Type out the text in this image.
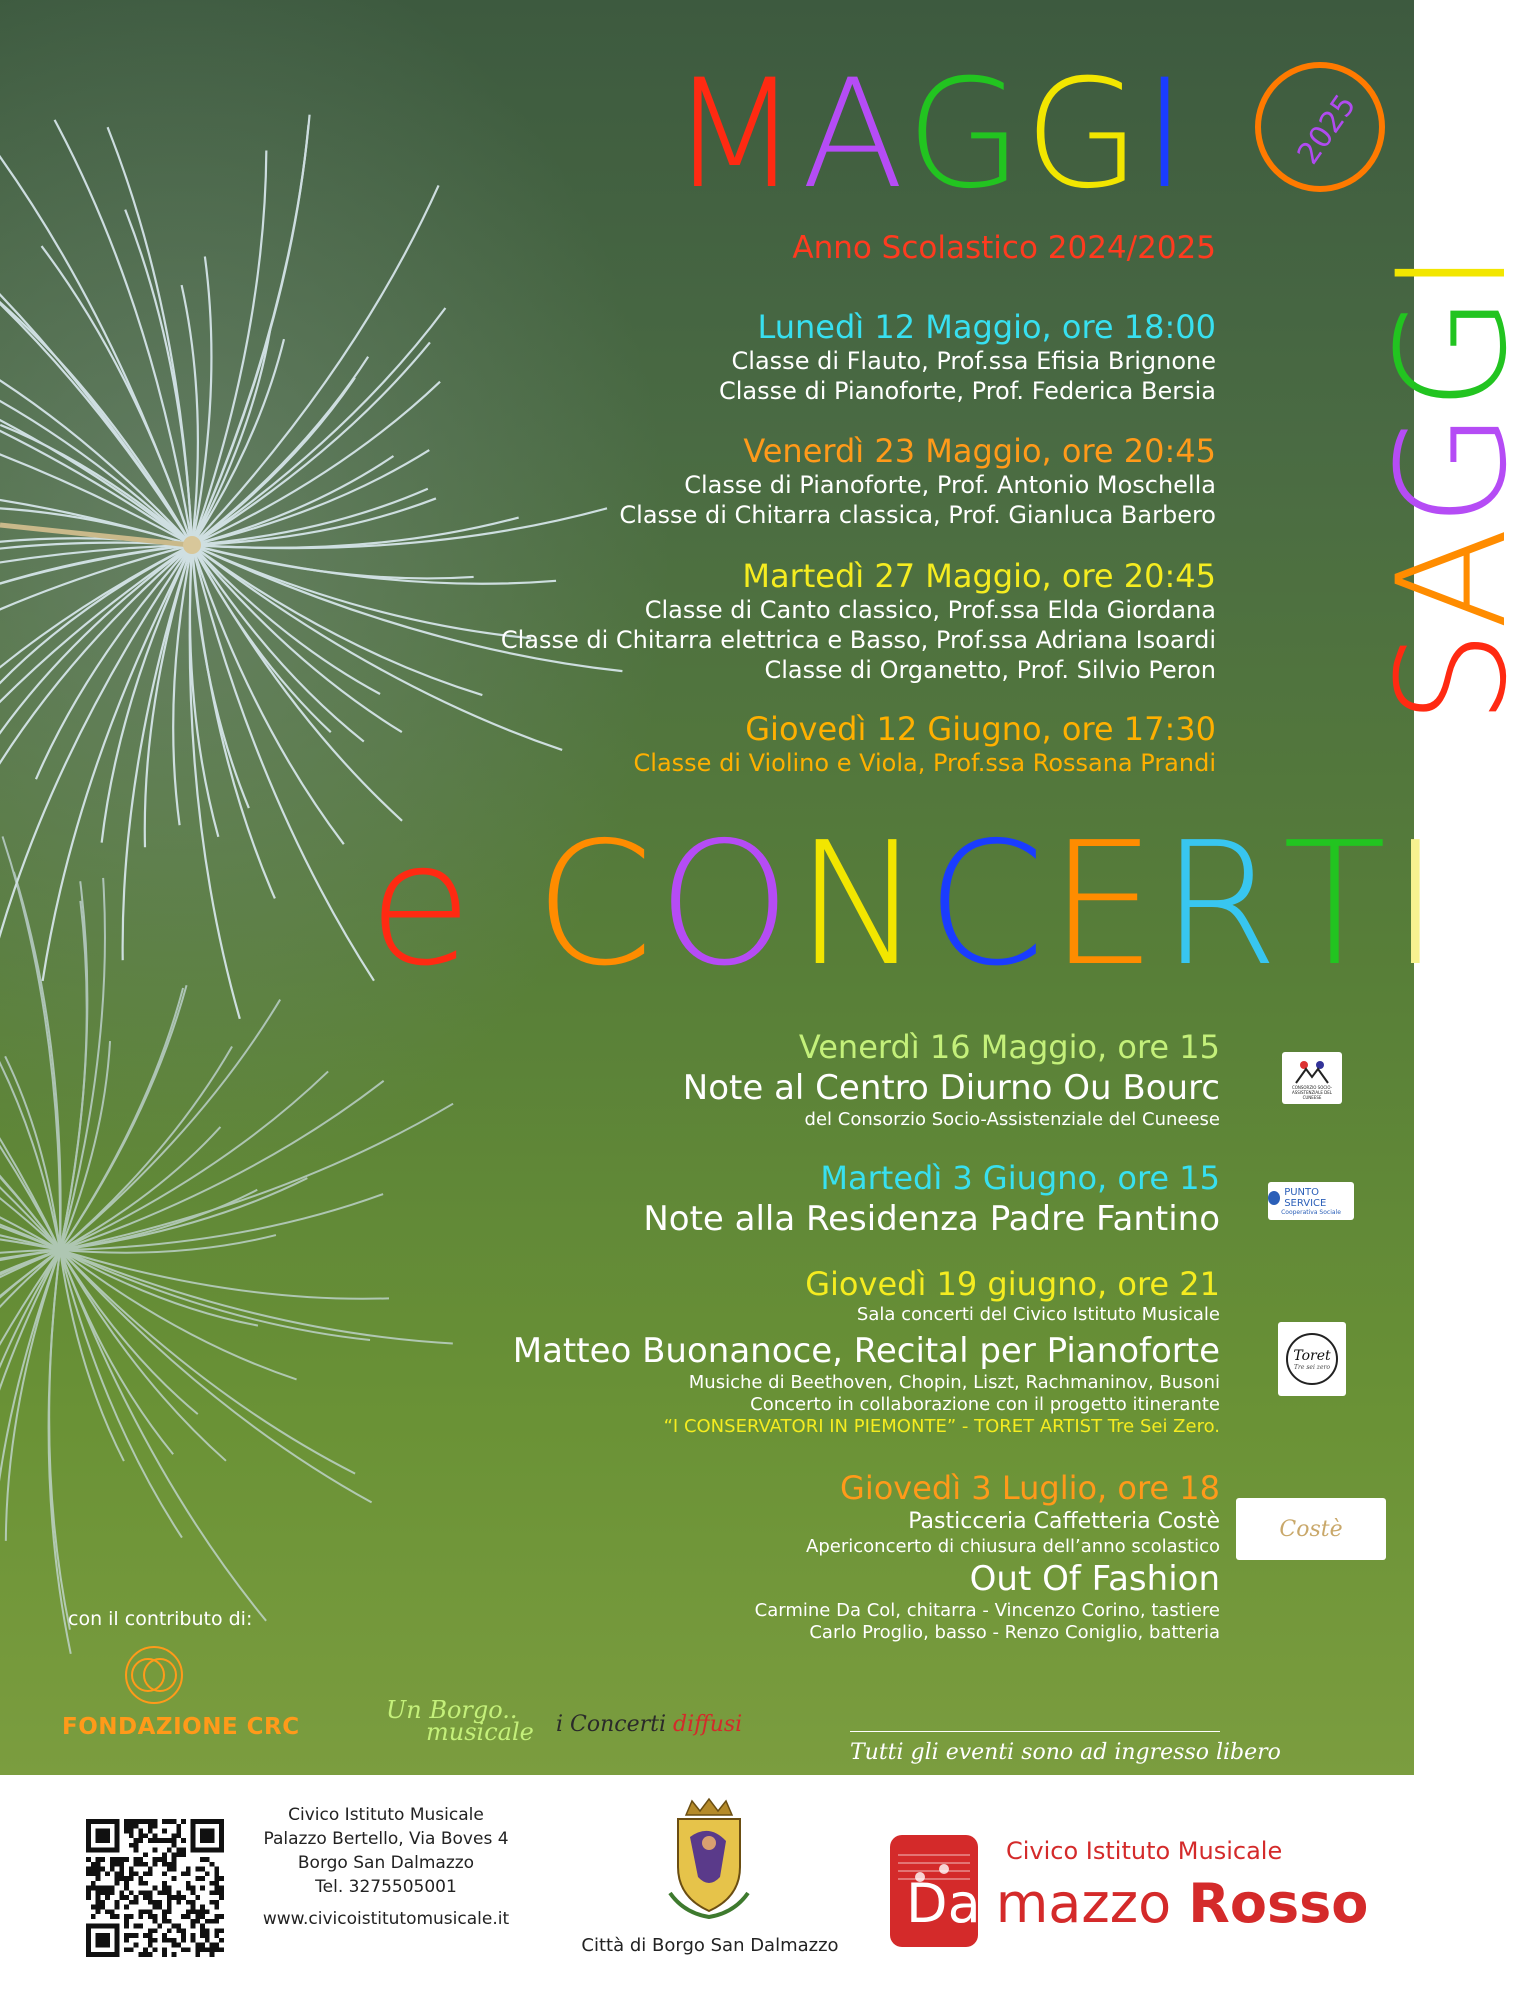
MAGGI	2025
SAGGI
Anno Scolastico 2024/2025
Lunedì 12 Maggio, ore 18:00
Classe di Flauto, Prof.ssa Efisia Brignone
Classe di Pianoforte, Prof. Federica Bersia
Venerdì 23 Maggio, ore 20:45
Classe di Pianoforte, Prof. Antonio Moschella
Classe di Chitarra classica, Prof. Gianluca Barbero
Martedì 27 Maggio, ore 20:45
Classe di Canto classico, Prof.ssa Elda Giordana
Classe di Chitarra elettrica e Basso, Prof.ssa Adriana Isoardi
Classe di Organetto, Prof. Silvio Peron
Giovedì 12 Giugno, ore 17:30
Classe di Violino e Viola, Prof.ssa Rossana Prandi
e CONCERTI
Venerdì 16 Maggio, ore 15
Note al Centro Diurno Ou Bourc
del Consorzio Socio-Assistenziale del Cuneese
CONSORZIO SOCIO-ASSISTENZIALE DEL CUNEESE
Martedì 3 Giugno, ore 15
Note alla Residenza Padre Fantino
PUNTO SERVICE
Cooperativa Sociale
Giovedì 19 giugno, ore 21
Sala concerti del Civico Istituto Musicale
Matteo Buonanoce, Recital per Pianoforte
Musiche di Beethoven, Chopin, Liszt, Rachmaninov, Busoni
Concerto in collaborazione con il progetto itinerante
“I CONSERVATORI IN PIEMONTE” - TORET ARTIST Tre Sei Zero.
Toret
Tre sei zero
Giovedì 3 Luglio, ore 18
Pasticceria Caffetteria Costè
Apericoncerto di chiusura dell’anno scolastico
Out Of Fashion
Carmine Da Col, chitarra - Vincenzo Corino, tastiere
Carlo Proglio, basso - Renzo Coniglio, batteria
Costè
con il contributo di:
FONDAZIONE CRC
Un Borgo..
musicale i Concerti diffusi
Tutti gli eventi sono ad ingresso libero
Civico Istituto Musicale
Palazzo Bertello, Via Boves 4
Borgo San Dalmazzo
Tel. 3275505001
www.civicoistitutomusicale.it
Città di Borgo San Dalmazzo
Civico Istituto Musicale
Dalmazzo Rosso
